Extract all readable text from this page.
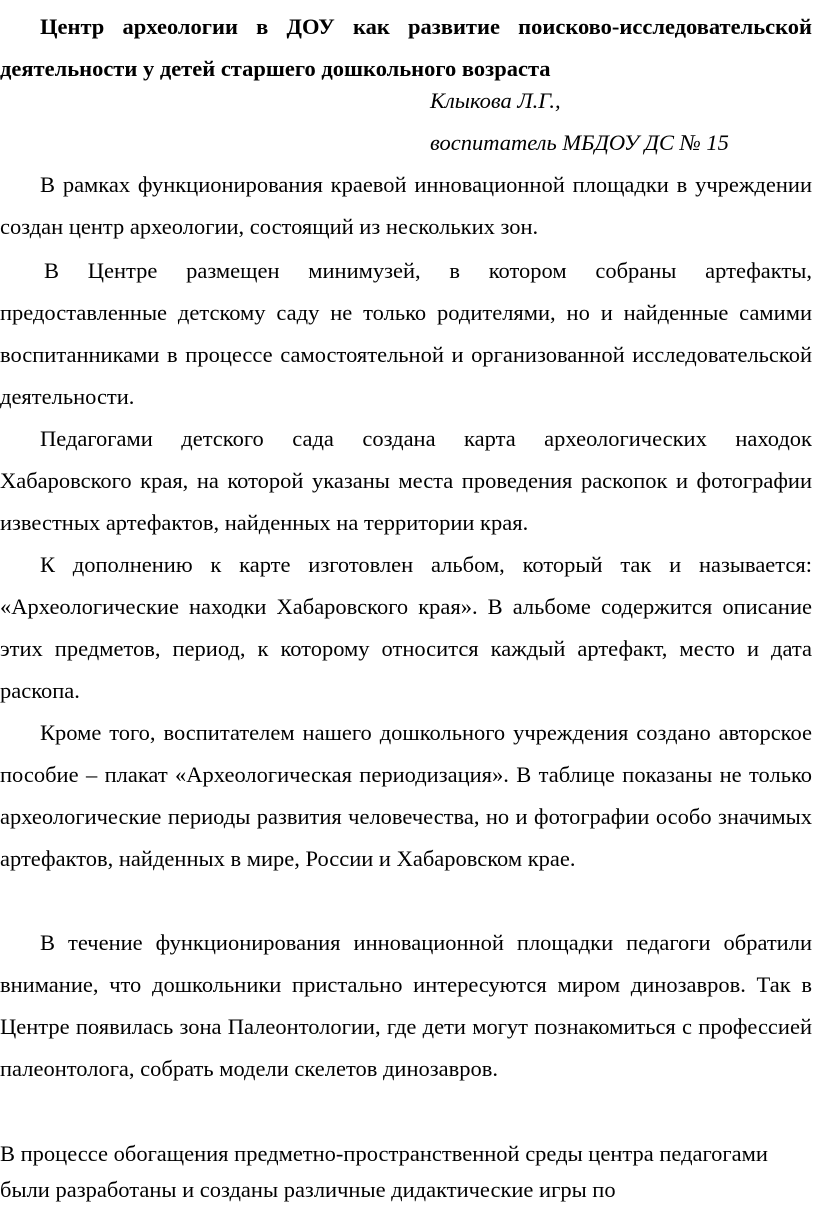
Центр археологии в ДОУ как развитие поисково-исследовательской деятельности у детей старшего дошкольного возраста

Клыкова Л.Г.,

воспитатель МБДОУ ДС № 15

В рамках функционирования краевой инновационной площадки в учреждении создан центр археологии, состоящий из нескольких зон.

В Центре размещен минимузей, в котором собраны артефакты, предоставленные детскому саду не только родителями, но и найденные самими воспитанниками в процессе самостоятельной и организованной исследовательской деятельности.

Педагогами детского сада создана карта археологических находок Хабаровского края, на которой указаны места проведения раскопок и фотографии известных артефактов, найденных на территории края.

К дополнению к карте изготовлен альбом, который так и называется: «Археологические находки Хабаровского края». В альбоме содержится описание этих предметов, период, к которому относится каждый артефакт, место и дата раскопа.

Кроме того, воспитателем нашего дошкольного учреждения создано авторское пособие – плакат «Археологическая периодизация». В таблице показаны не только археологические периоды развития человечества, но и фотографии особо значимых артефактов, найденных в мире, России и Хабаровском крае.

В течение функционирования инновационной площадки педагоги обратили внимание, что дошкольники пристально интересуются миром динозавров. Так в Центре появилась зона Палеонтологии, где дети могут познакомиться с профессией палеонтолога, собрать модели скелетов динозавров.

В процессе обогащения предметно-пространственной среды центра педагогами были разработаны и созданы различные дидактические игры по
